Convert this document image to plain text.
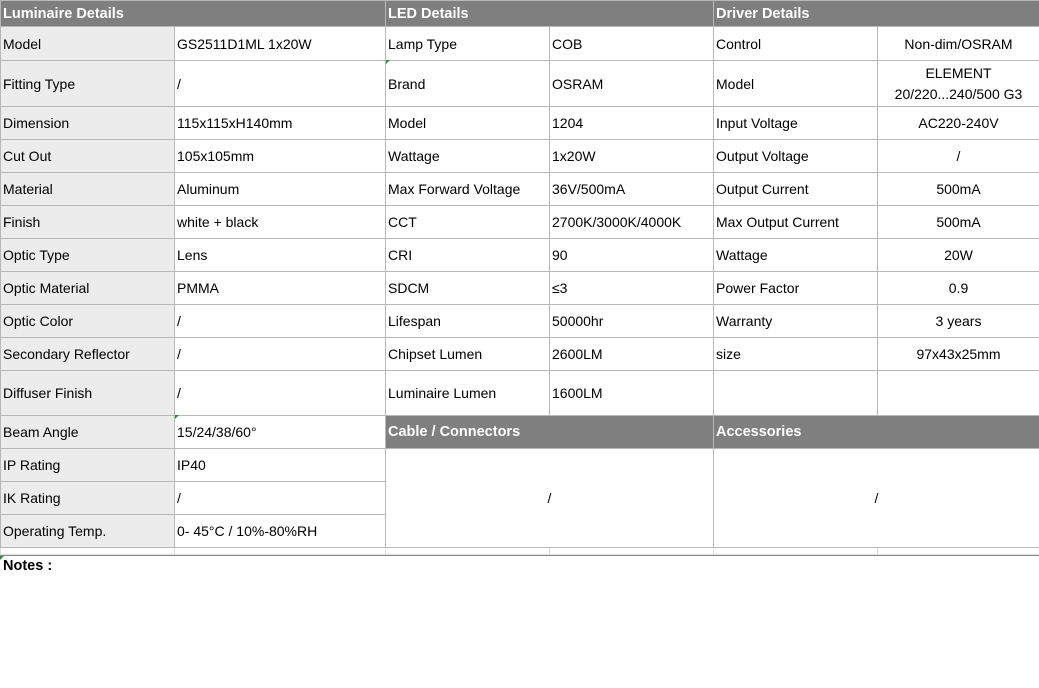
Luminaire Details		LED Details		Driver Details	
Model	GS2511D1ML 1x20W	Lamp Type	COB	Control	Non-dim/OSRAM
Fitting Type	/	Brand	OSRAM	Model	ELEMENT 20/220...240/500 G3
Dimension	115x115xH140mm	Model	1204	Input Voltage	AC220-240V
Cut Out	105x105mm	Wattage	1x20W	Output Voltage	/
Material	Aluminum	Max Forward Voltage	36V/500mA	Output Current	500mA
Finish	white + black	CCT	2700K/3000K/4000K	Max Output Current	500mA
Optic Type	Lens	CRI	90	Wattage	20W
Optic Material	PMMA	SDCM	≤3	Power Factor	0.9
Optic Color	/	Lifespan	50000hr	Warranty	3 years
Secondary Reflector	/	Chipset Lumen	2600LM	size	97x43x25mm
Diffuser Finish	/	Luminaire Lumen	1600LM		
Beam Angle	15/24/38/60°	Cable / Connectors		Accessories	
IP Rating	IP40	/		/	
IK Rating	/				
Operating Temp.	0- 45°C / 10%-80%RH				

Notes :
